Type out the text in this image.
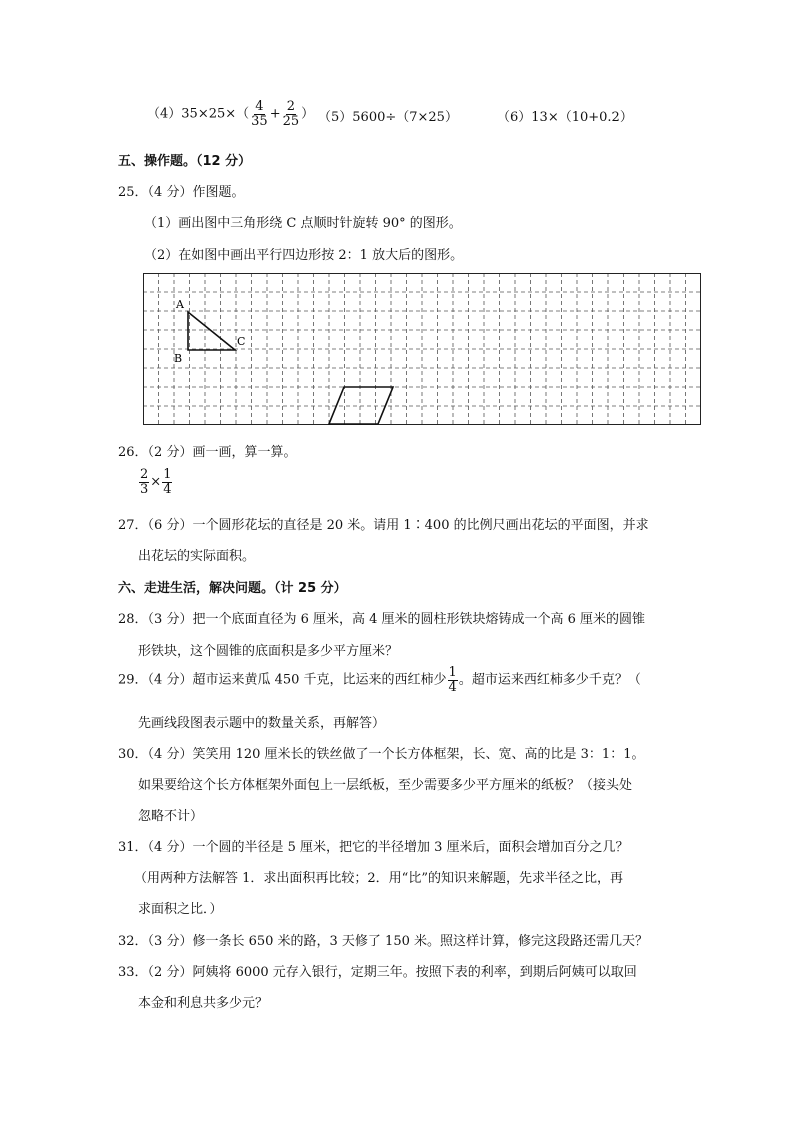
$(4)35\times 25\times( \frac{4}{35} + \frac{2}{25}$ ） （5）5600÷（7×25）	（6）13×（10+0.2）
五、操作题。（12 分）
25．（4 分）作图题。
（1）画出图中三角形绕 C 点顺时针旋转 90° 的图形。
（2）在如图中画出平行四边形按 2：1 放大后的图形。
A
B
C
26．（2 分）画一画，算一算。
$\frac{2}{3} \times \frac{1}{4}$
27．（6 分）一个圆形花坛的直径是 20 米。请用 1∶400 的比例尺画出花坛的平面图，并求
出花坛的实际面积。
六、走进生活，解决问题。（计 25 分）
28．（3 分）把一个底面直径为 6 厘米，高 4 厘米的圆柱形铁块熔铸成一个高 6 厘米的圆锥
形铁块，这个圆锥的底面积是多少平方厘米？
29．（4 分）超市运来黄瓜 450 千克，比运来的西红柿少 $\frac{1}{4}$ 。超市运来西红柿多少千克？（
先画线段图表示题中的数量关系，再解答）
30．（4 分）笑笑用 120 厘米长的铁丝做了一个长方体框架，长、宽、高的比是 3：1：1。
如果要给这个长方体框架外面包上一层纸板，至少需要多少平方厘米的纸板？（接头处
忽略不计）
31．（4 分）一个圆的半径是 5 厘米，把它的半径增加 3 厘米后，面积会增加百分之几？
（用两种方法解答 1．求出面积再比较；2．用“比”的知识来解题，先求半径之比，再
求面积之比．）
32．（3 分）修一条长 650 米的路，3 天修了 150 米。照这样计算，修完这段路还需几天？
33．（2 分）阿姨将 6000 元存入银行，定期三年。按照下表的利率，到期后阿姨可以取回
本金和利息共多少元？
